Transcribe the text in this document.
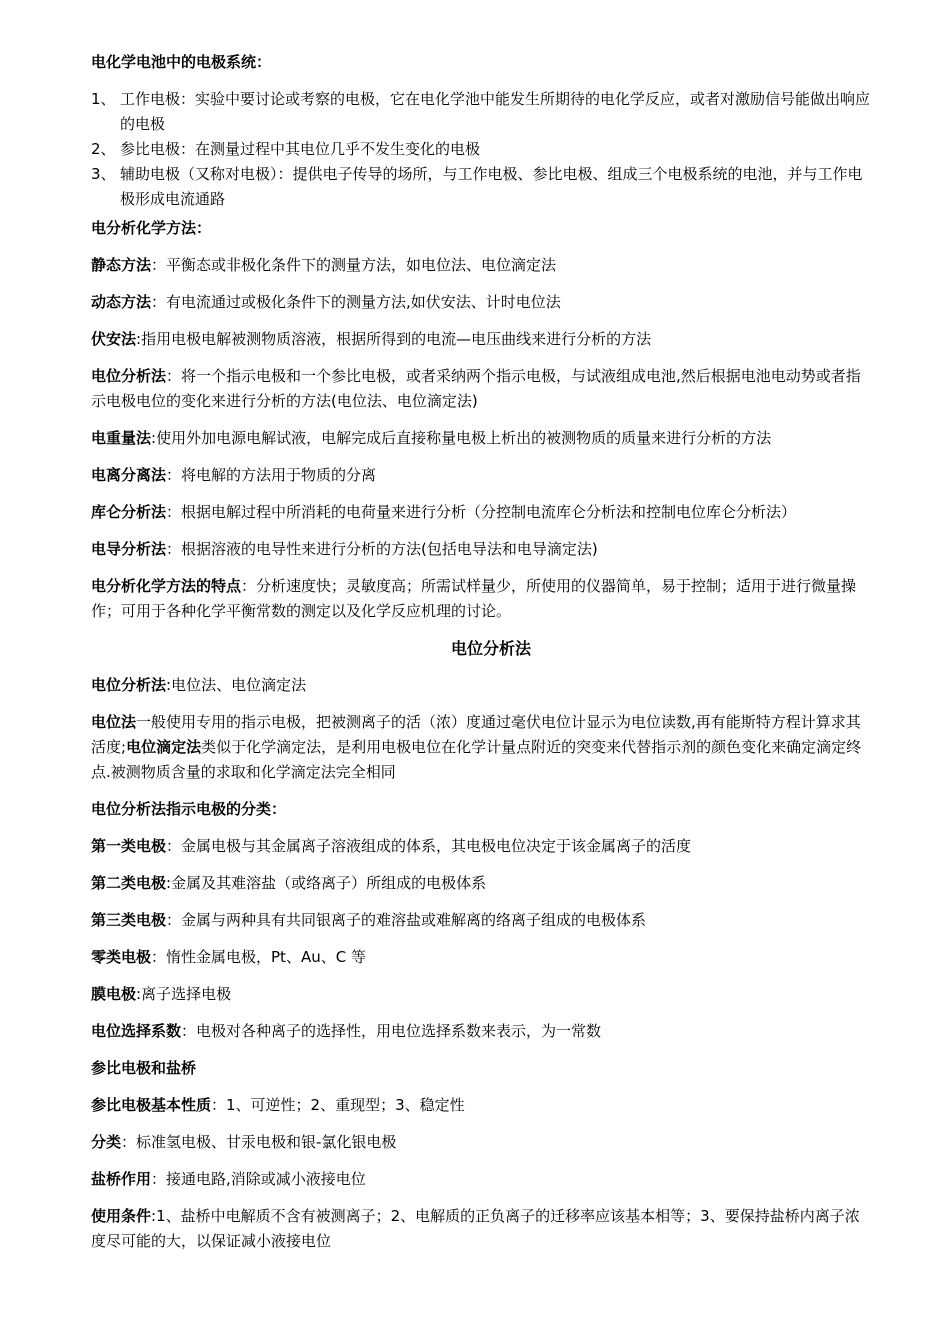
电化学电池中的电极系统：

1、 工作电极：实验中要讨论或考察的电极，它在电化学池中能发生所期待的电化学反应，或者对激励信号能做出响应的电极

2、 参比电极：在测量过程中其电位几乎不发生变化的电极

3、 辅助电极（又称对电极）：提供电子传导的场所，与工作电极、参比电极、组成三个电极系统的电池，并与工作电极形成电流通路

电分析化学方法：

静态方法：平衡态或非极化条件下的测量方法，如电位法、电位滴定法

动态方法：有电流通过或极化条件下的测量方法,如伏安法、计时电位法

伏安法:指用电极电解被测物质溶液，根据所得到的电流—电压曲线来进行分析的方法

电位分析法：将一个指示电极和一个参比电极，或者采纳两个指示电极，与试液组成电池,然后根据电池电动势或者指示电极电位的变化来进行分析的方法(电位法、电位滴定法)

电重量法:使用外加电源电解试液，电解完成后直接称量电极上析出的被测物质的质量来进行分析的方法

电离分离法：将电解的方法用于物质的分离

库仑分析法：根据电解过程中所消耗的电荷量来进行分析（分控制电流库仑分析法和控制电位库仑分析法）

电导分析法：根据溶液的电导性来进行分析的方法(包括电导法和电导滴定法)

电分析化学方法的特点：分析速度快；灵敏度高；所需试样量少，所使用的仪器简单，易于控制；适用于进行微量操作；可用于各种化学平衡常数的测定以及化学反应机理的讨论。

电位分析法

电位分析法:电位法、电位滴定法

电位法一般使用专用的指示电极，把被测离子的活（浓）度通过毫伏电位计显示为电位读数,再有能斯特方程计算求其活度;电位滴定法类似于化学滴定法，是利用电极电位在化学计量点附近的突变来代替指示剂的颜色变化来确定滴定终点.被测物质含量的求取和化学滴定法完全相同

电位分析法指示电极的分类：

第一类电极：金属电极与其金属离子溶液组成的体系，其电极电位决定于该金属离子的活度

第二类电极:金属及其难溶盐（或络离子）所组成的电极体系

第三类电极：金属与两种具有共同银离子的难溶盐或难解离的络离子组成的电极体系

零类电极：惰性金属电极，Pt、Au、C 等

膜电极:离子选择电极

电位选择系数：电极对各种离子的选择性，用电位选择系数来表示，为一常数

参比电极和盐桥

参比电极基本性质：1、可逆性；2、重现型；3、稳定性

分类：标准氢电极、甘汞电极和银-氯化银电极

盐桥作用：接通电路,消除或减小液接电位

使用条件:1、盐桥中电解质不含有被测离子；2、电解质的正负离子的迁移率应该基本相等；3、要保持盐桥内离子浓度尽可能的大，以保证减小液接电位
